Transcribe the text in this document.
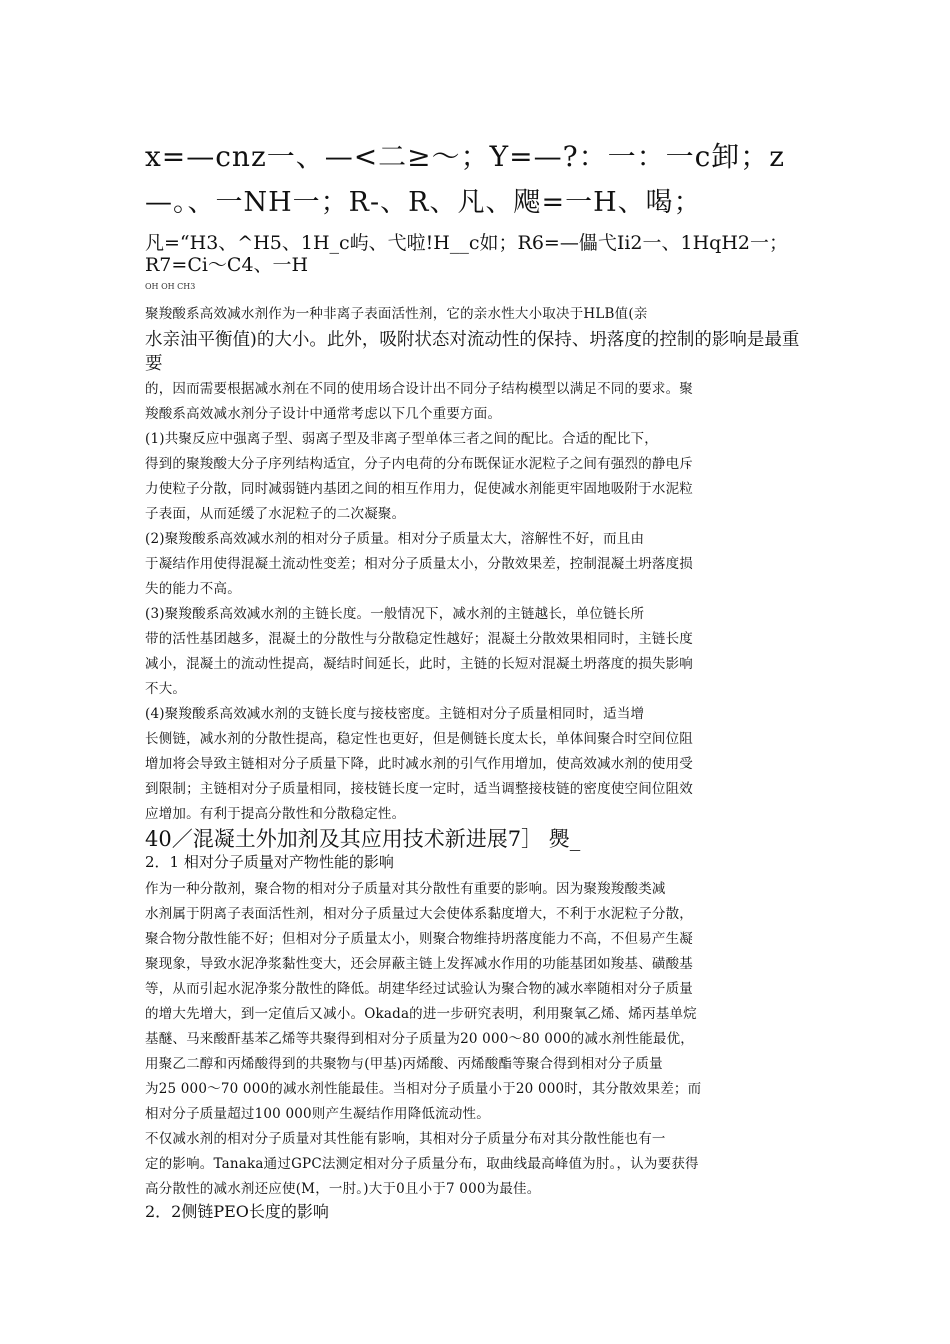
x=—cnz一、—<二≥～；Y=—?：一：一c卸；z

—。、一NH一；R-、R、凡、飔=一H、喝；

凡=“H3、^H5、1H_c屿、弋啦!H__c如；R6=—儡弋Ii2一、1HqH2一；

R7=Ci～C4、一H

OH OH CH3

聚羧酸系高效减水剂作为一种非离子表面活性剂，它的亲水性大小取决于HLB值(亲

水亲油平衡值)的大小。此外，吸附状态对流动性的保持、坍落度的控制的影响是最重

要

的，因而需要根据减水剂在不同的使用场合设计出不同分子结构模型以满足不同的要求。聚

羧酸系高效减水剂分子设计中通常考虑以下几个重要方面。

(1)共聚反应中强离子型、弱离子型及非离子型单体三者之间的配比。合适的配比下，

得到的聚羧酸大分子序列结构适宜，分子内电荷的分布既保证水泥粒子之间有强烈的静电斥

力使粒子分散，同时减弱链内基团之间的相互作用力，促使减水剂能更牢固地吸附于水泥粒

子表面，从而延缓了水泥粒子的二次凝聚。

(2)聚羧酸系高效减水剂的相对分子质量。相对分子质量太大，溶解性不好，而且由

于凝结作用使得混凝土流动性变差；相对分子质量太小，分散效果差，控制混凝土坍落度损

失的能力不高。

(3)聚羧酸系高效减水剂的主链长度。一般情况下，减水剂的主链越长，单位链长所

带的活性基团越多，混凝土的分散性与分散稳定性越好；混凝土分散效果相同时，主链长度

减小，混凝土的流动性提高，凝结时间延长，此时，主链的长短对混凝土坍落度的损失影响

不大。

(4)聚羧酸系高效减水剂的支链长度与接枝密度。主链相对分子质量相同时，适当增

长侧链，减水剂的分散性提高，稳定性也更好，但是侧链长度太长，单体间聚合时空间位阻

增加将会导致主链相对分子质量下降，此时减水剂的引气作用增加，使高效减水剂的使用受

到限制；主链相对分子质量相同，接枝链长度一定时，适当调整接枝链的密度使空间位阻效

应增加。有利于提高分散性和分散稳定性。

40／混凝土外加剂及其应用技术新进展7］ 爂_

2．1 相对分子质量对产物性能的影响

作为一种分散剂，聚合物的相对分子质量对其分散性有重要的影响。因为聚羧羧酸类减

水剂属于阴离子表面活性剂，相对分子质量过大会使体系黏度增大，不利于水泥粒子分散，

聚合物分散性能不好；但相对分子质量太小，则聚合物维持坍落度能力不高，不但易产生凝

聚现象，导致水泥净浆黏性变大，还会屏蔽主链上发挥减水作用的功能基团如羧基、磺酸基

等，从而引起水泥净浆分散性的降低。胡建华经过试验认为聚合物的减水率随相对分子质量

的增大先增大，到一定值后又减小。Okada的进一步研究表明，利用聚氧乙烯、烯丙基单烷

基醚、马来酸酐基苯乙烯等共聚得到相对分子质量为20 000～80 000的减水剂性能最优，

用聚乙二醇和丙烯酸得到的共聚物与(甲基)丙烯酸、丙烯酸酯等聚合得到相对分子质量

为25 000～70 000的减水剂性能最佳。当相对分子质量小于20 000时，其分散效果差；而

相对分子质量超过100 000则产生凝结作用降低流动性。

不仅减水剂的相对分子质量对其性能有影响，其相对分子质量分布对其分散性能也有一

定的影响。Tanaka通过GPC法测定相对分子质量分布，取曲线最高峰值为肘。，认为要获得

高分散性的减水剂还应使(M，一肘。)大于0且小于7 000为最佳。

2．2侧链PEO长度的影响
